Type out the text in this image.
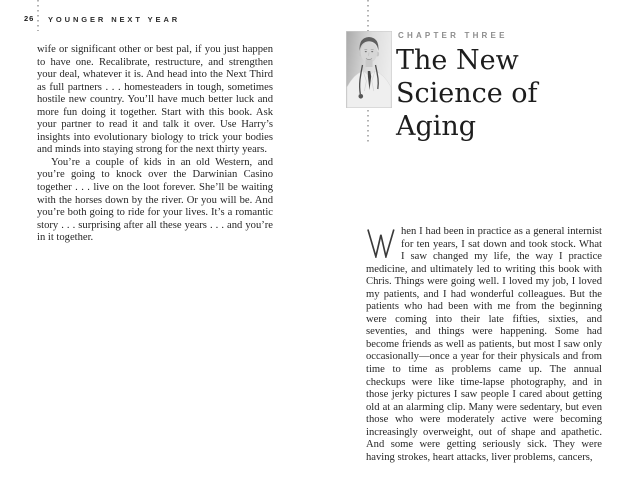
26 YOUNGER NEXT YEAR

wife or significant other or best pal, if you just happen to have one. Recalibrate, restructure, and strengthen your deal, whatever it is. And head into the Next Third as full partners . . . homesteaders in tough, sometimes hostile new country. You’ll have much better luck and more fun doing it together. Start with this book. Ask your partner to read it and talk it over. Use Harry’s insights into evolutionary biology to trick your bodies and minds into staying strong for the next thirty years.

You’re a couple of kids in an old Western, and you’re going to knock over the Darwinian Casino together . . . live on the loot forever. She’ll be waiting with the horses down by the river. Or you will be. And you’re both going to ride for your lives. It’s a romantic story . . . surprising after all these years . . . and you’re in it together.

CHAPTER THREE
The New Science of Aging

hen I had been in practice as a general internist for ten years, I sat down and took stock. What I saw changed my life, the way I practice medicine, and ultimately led to writing this book with Chris. Things were going well. I loved my job, I loved my patients, and I had wonderful colleagues. But the patients who had been with me from the beginning were coming into their late fifties, sixties, and seventies, and things were happening. Some had become friends as well as patients, but most I saw only occasionally—once a year for their physicals and from time to time as problems came up. The annual checkups were like time-lapse photography, and in those jerky pictures I saw people I cared about getting old at an alarming clip. Many were sedentary, but even those who were moderately active were becoming increasingly overweight, out of shape and apathetic. And some were getting seriously sick. They were having strokes, heart attacks, liver problems, cancers,
